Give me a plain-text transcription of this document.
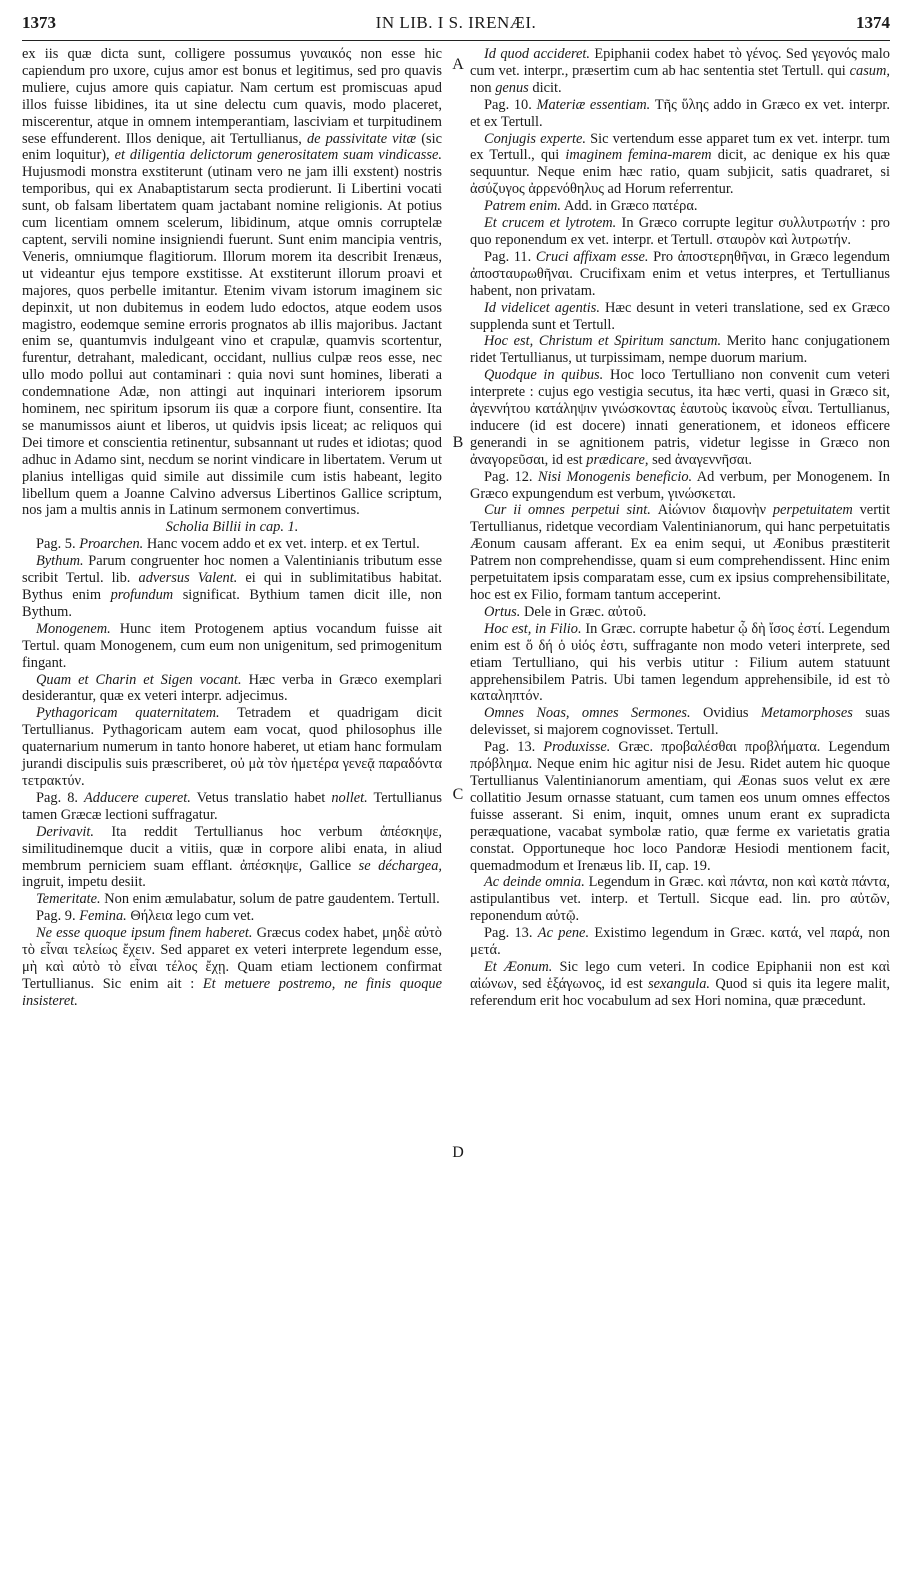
1373	IN LIB. I S. IRENÆI.	1374
A
B
C
D

ex iis quæ dicta sunt, colligere possumus γυναικός non esse hic capiendum pro uxore, cujus amor est bonus et legitimus, sed pro quavis muliere, cujus amore quis capiatur. Nam certum est promiscuas apud illos fuisse libidines, ita ut sine delectu cum quavis, modo placeret, miscerentur, atque in omnem intemperantiam, lasciviam et turpitudinem sese effunderent. Illos denique, ait Tertullianus, de passivitate vitæ (sic enim loquitur), et diligentia delictorum generositatem suam vindicasse. Hujusmodi monstra exstiterunt (utinam vero ne jam illi exstent) nostris temporibus, qui ex Anabaptistarum secta prodierunt. Ii Libertini vocati sunt, ob falsam libertatem quam jactabant nomine religionis. At potius cum licentiam omnem scelerum, libidinum, atque omnis corruptelæ captent, servili nomine insigniendi fuerunt. Sunt enim mancipia ventris, Veneris, omniumque flagitiorum. Illorum morem ita describit Irenæus, ut videantur ejus tempore exstitisse. At exstiterunt illorum proavi et majores, quos perbelle imitantur. Etenim vivam istorum imaginem sic depinxit, ut non dubitemus in eodem ludo edoctos, atque eodem usos magistro, eodemque semine erroris prognatos ab illis majoribus. Jactant enim se, quantumvis indulgeant vino et crapulæ, quamvis scortentur, furentur, detrahant, maledicant, occidant, nullius culpæ reos esse, nec ullo modo pollui aut contaminari : quia novi sunt homines, liberati a condemnatione Adæ, non attingi aut inquinari interiorem ipsorum hominem, nec spiritum ipsorum iis quæ a corpore fiunt, consentire. Ita se manumissos aiunt et liberos, ut quidvis ipsis liceat; ac reliquos qui Dei timore et conscientia retinentur, subsannant ut rudes et idiotas; quod adhuc in Adamo sint, necdum se norint vindicare in libertatem. Verum ut planius intelligas quid simile aut dissimile cum istis habeant, legito libellum quem a Joanne Calvino adversus Libertinos Gallice scriptum, nos jam a multis annis in Latinum sermonem convertimus.

Scholia Billii in cap. 1.

Pag. 5. Proarchen. Hanc vocem addo et ex vet. interp. et ex Tertul.

Bythum. Parum congruenter hoc nomen a Valentinianis tributum esse scribit Tertul. lib. adversus Valent. ei qui in sublimitatibus habitat. Bythus enim profundum significat. Bythium tamen dicit ille, non Bythum.

Monogenem. Hunc item Protogenem aptius vocandum fuisse ait Tertul. quam Monogenem, cum eum non unigenitum, sed primogenitum fingant.

Quam et Charin et Sigen vocant. Hæc verba in Græco exemplari desiderantur, quæ ex veteri interpr. adjecimus.

Pythagoricam quaternitatem. Tetradem et quadrigam dicit Tertullianus. Pythagoricam autem eam vocat, quod philosophus ille quaternarium numerum in tanto honore haberet, ut etiam hanc formulam jurandi discipulis suis præscriberet, οὐ μὰ τὸν ἡμετέρα γενεᾷ παραδόντα τετρακτύν.

Pag. 8. Adducere cuperet. Vetus translatio habet nollet. Tertullianus tamen Græcæ lectioni suffragatur.

Derivavit. Ita reddit Tertullianus hoc verbum ἀπέσκηψε, similitudinemque ducit a vitiis, quæ in corpore alibi enata, in aliud membrum perniciem suam efflant. ἀπέσκηψε, Gallice se déchargea, ingruit, impetu desiit.

Temeritate. Non enim æmulabatur, solum de patre gaudentem. Tertull.

Pag. 9. Femina. Θήλεια lego cum vet.

Ne esse quoque ipsum finem haberet. Græcus codex habet, μηδὲ αὐτὸ τὸ εἶναι τελείως ἔχειν. Sed apparet ex veteri interprete legendum esse, μὴ καὶ αὐτὸ τὸ εἶναι τέλος ἔχῃ. Quam etiam lectionem confirmat Tertullianus. Sic enim ait : Et metuere postremo, ne finis quoque insisteret.

Id quod accideret. Epiphanii codex habet τὸ γένος. Sed γεγονός malo cum vet. interpr., præsertim cum ab hac sententia stet Tertull. qui casum, non genus dicit.

Pag. 10. Materiæ essentiam. Τῆς ὕλης addo in Græco ex vet. interpr. et ex Tertull.

Conjugis experte. Sic vertendum esse apparet tum ex vet. interpr. tum ex Tertull., qui imaginem femina-marem dicit, ac denique ex his quæ sequuntur. Neque enim hæc ratio, quam subjicit, satis quadraret, si ἀσύζυγος ἀρρενόθηλυς ad Horum referrentur.

Patrem enim. Add. in Græco πατέρα.

Et crucem et lytrotem. In Græco corrupte legitur συλλυτρωτήν : pro quo reponendum ex vet. interpr. et Tertull. σταυρὸν καὶ λυτρωτήν.

Pag. 11. Cruci affixam esse. Pro ἀποστερηθῆναι, in Græco legendum ἀποσταυρωθῆναι. Crucifixam enim et vetus interpres, et Tertullianus habent, non privatam.

Id videlicet agentis. Hæc desunt in veteri translatione, sed ex Græco supplenda sunt et Tertull.

Hoc est, Christum et Spiritum sanctum. Merito hanc conjugationem ridet Tertullianus, ut turpissimam, nempe duorum marium.

Quodque in quibus. Hoc loco Tertulliano non convenit cum veteri interprete : cujus ego vestigia secutus, ita hæc verti, quasi in Græco sit, ἀγεννήτου κατάληψιν γινώσκοντας ἑαυτοὺς ἱκανοὺς εἶναι. Tertullianus, inducere (id est docere) innati generationem, et idoneos efficere generandi in se agnitionem patris, videtur legisse in Græco non ἀναγορεῦσαι, id est prædicare, sed ἀναγεννῆσαι.

Pag. 12. Nisi Monogenis beneficio. Ad verbum, per Monogenem. In Græco expungendum est verbum, γινώσκεται.

Cur ii omnes perpetui sint. Αἰώνιον διαμονὴν perpetuitatem vertit Tertullianus, ridetque vecordiam Valentinianorum, qui hanc perpetuitatis Æonum causam afferant. Ex ea enim sequi, ut Æonibus præstiterit Patrem non comprehendisse, quam si eum comprehendissent. Hinc enim perpetuitatem ipsis comparatam esse, cum ex ipsius comprehensibilitate, hoc est ex Filio, formam tantum acceperint.

Ortus. Dele in Græc. αὐτοῦ.

Hoc est, in Filio. In Græc. corrupte habetur ᾧ δὴ ἴσος ἐστί. Legendum enim est ὅ δή ὁ υἱός ἐστι, suffragante non modo veteri interprete, sed etiam Tertulliano, qui his verbis utitur : Filium autem statuunt apprehensibilem Patris. Ubi tamen legendum apprehensibile, id est τὸ καταληπτόν.

Omnes Noas, omnes Sermones. Ovidius Metamorphoses suas delevisset, si majorem cognovisset. Tertull.

Pag. 13. Produxisse. Græc. προβαλέσθαι προβλήματα. Legendum πρόβλημα. Neque enim hic agitur nisi de Jesu. Ridet autem hic quoque Tertullianus Valentinianorum amentiam, qui Æonas suos velut ex ære collatitio Jesum ornasse statuant, cum tamen eos unum omnes effectos fuisse asserant. Si enim, inquit, omnes unum erant ex supradicta peræquatione, vacabat symbolæ ratio, quæ ferme ex varietatis gratia constat. Opportuneque hoc loco Pandoræ Hesiodi mentionem facit, quemadmodum et Irenæus lib. II, cap. 19.

Ac deinde omnia. Legendum in Græc. καὶ πάντα, non καὶ κατὰ πάντα, astipulantibus vet. interp. et Tertull. Sicque ead. lin. pro αὐτῶν, reponendum αὐτῷ.

Pag. 13. Ac pene. Existimo legendum in Græc. κατά, vel παρά, non μετά.

Et Æonum. Sic lego cum veteri. In codice Epiphanii non est καὶ αἰώνων, sed ἑξάγωνος, id est sexangula. Quod si quis ita legere malit, referendum erit hoc vocabulum ad sex Hori nomina, quæ præcedunt.
